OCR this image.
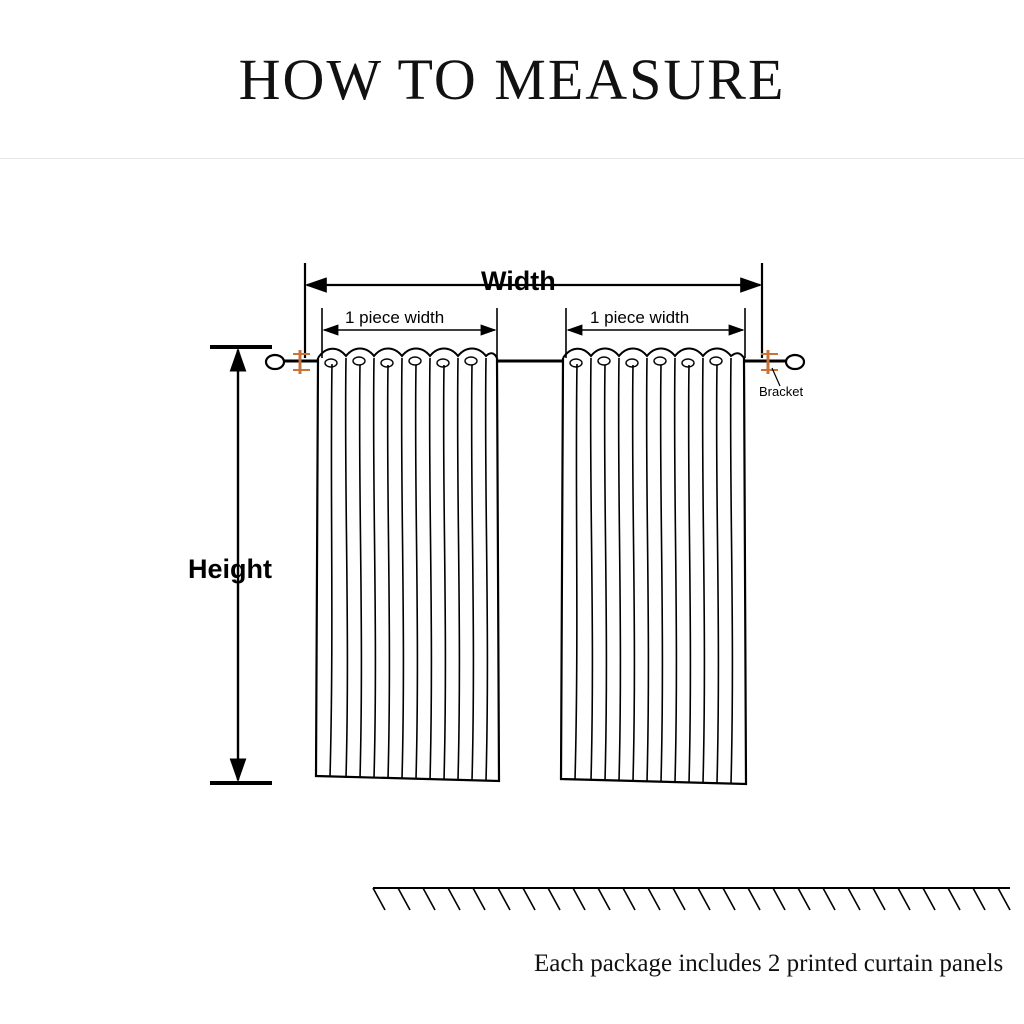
HOW TO MEASURE
Width
Height
1 piece width	1 piece width
Bracket
Each package includes 2 printed curtain panels
